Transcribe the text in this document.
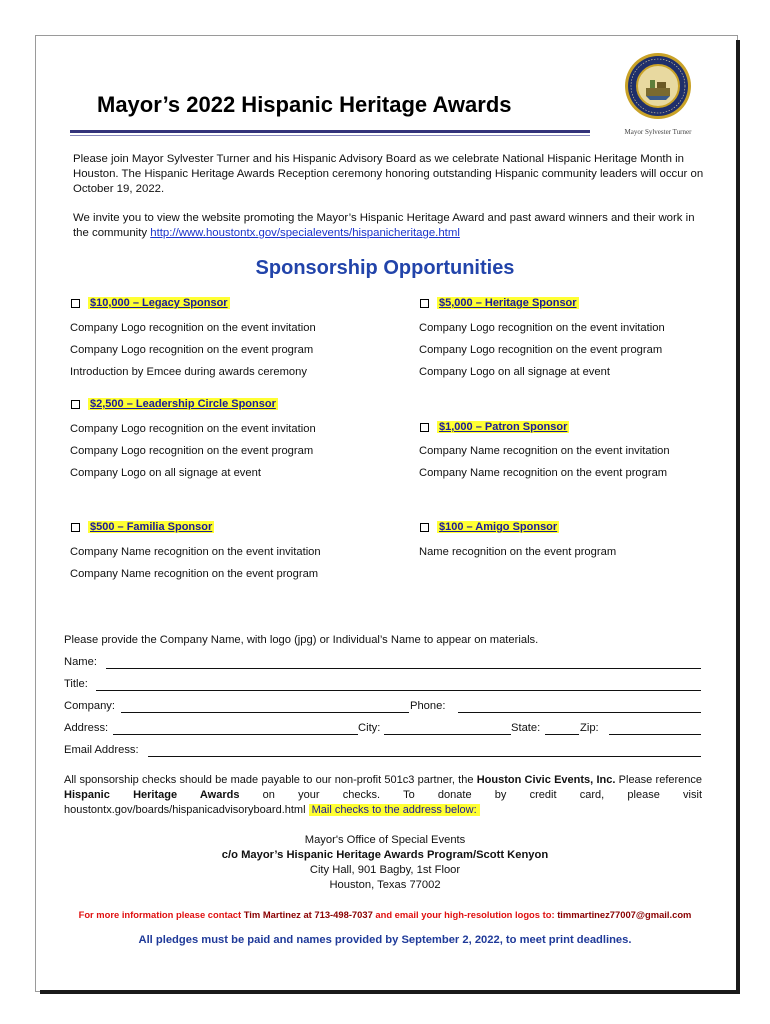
Mayor’s 2022 Hispanic Heritage Awards
Mayor Sylvester Turner
Please join Mayor Sylvester Turner and his Hispanic Advisory Board as we celebrate National Hispanic Heritage Month in Houston. The Hispanic Heritage Awards Reception ceremony honoring outstanding Hispanic community leaders will occur on October 19, 2022.
We invite you to view the website promoting the Mayor’s Hispanic Heritage Award and past award winners and their work in the community http://www.houstontx.gov/specialevents/hispanicheritage.html
Sponsorship Opportunities
$10,000 – Legacy Sponsor
Company Logo recognition on the event invitation
Company Logo recognition on the event program
Introduction by Emcee during awards ceremony
$5,000 – Heritage Sponsor
Company Logo recognition on the event invitation
Company Logo recognition on the event program
Company Logo on all signage at event
$2,500 – Leadership Circle Sponsor
Company Logo recognition on the event invitation
Company Logo recognition on the event program
Company Logo on all signage at event
$1,000 – Patron Sponsor
Company Name recognition on the event invitation
Company Name recognition on the event program
$500 – Familia Sponsor
Company Name recognition on the event invitation
Company Name recognition on the event program
$100 – Amigo Sponsor
Name recognition on the event program
Please provide the Company Name, with logo (jpg) or Individual’s Name to appear on materials.
Name:
Title:
Company:	Phone:
Address:	City:	State:	Zip:
Email Address:
All sponsorship checks should be made payable to our non-profit 501c3 partner, the Houston Civic Events, Inc. Please reference Hispanic Heritage Awards on your checks. To donate by credit card, please visit houstontx.gov/boards/hispanicadvisoryboard.html Mail checks to the address below:
Mayor's Office of Special Events
c/o Mayor’s Hispanic Heritage Awards Program/Scott Kenyon
City Hall, 901 Bagby, 1st Floor
Houston, Texas 77002
For more information please contact Tim Martinez at 713-498-7037 and email your high-resolution logos to: timmartinez77007@gmail.com
All pledges must be paid and names provided by September 2, 2022, to meet print deadlines.
